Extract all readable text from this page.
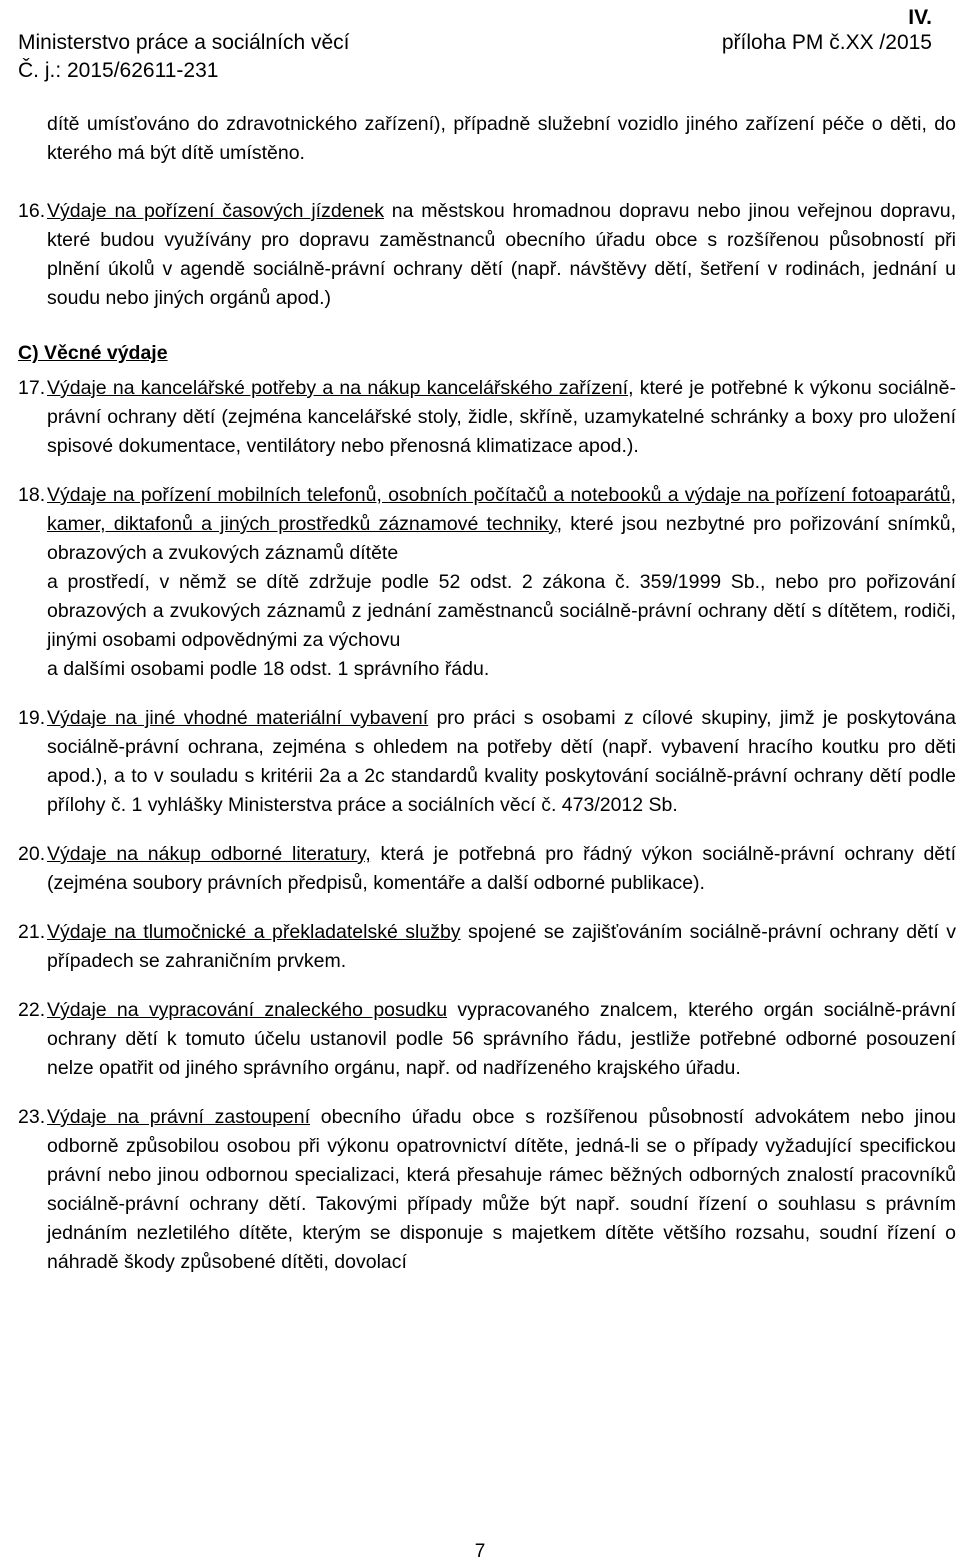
IV.
Ministerstvo práce a sociálních věcí	příloha PM č.XX /2015
Č. j.: 2015/62611-231

dítě umísťováno do zdravotnického zařízení), případně služební vozidlo jiného zařízení péče o děti, do kterého má být dítě umístěno.

16. Výdaje na pořízení časových jízdenek na městskou hromadnou dopravu nebo jinou veřejnou dopravu, které budou využívány pro dopravu zaměstnanců obecního úřadu obce s rozšířenou působností při plnění úkolů v agendě sociálně-právní ochrany dětí (např. návštěvy dětí, šetření v rodinách, jednání u soudu nebo jiných orgánů apod.)
C) Věcné výdaje
17. Výdaje na kancelářské potřeby a na nákup kancelářského zařízení, které je potřebné k výkonu sociálně-právní ochrany dětí (zejména kancelářské stoly, židle, skříně, uzamykatelné schránky a boxy pro uložení spisové dokumentace, ventilátory nebo přenosná klimatizace apod.).
18. Výdaje na pořízení mobilních telefonů, osobních počítačů a notebooků a výdaje na pořízení fotoaparátů, kamer, diktafonů a jiných prostředků záznamové techniky, které jsou nezbytné pro pořizování snímků, obrazových a zvukových záznamů dítěte
a prostředí, v němž se dítě zdržuje podle 52 odst. 2 zákona č. 359/1999 Sb., nebo pro pořizování obrazových a zvukových záznamů z jednání zaměstnanců sociálně-právní ochrany dětí s dítětem, rodiči, jinými osobami odpovědnými za výchovu
a dalšími osobami podle 18 odst. 1 správního řádu.
19. Výdaje na jiné vhodné materiální vybavení pro práci s osobami z cílové skupiny, jimž je poskytována sociálně-právní ochrana, zejména s ohledem na potřeby dětí (např. vybavení hracího koutku pro děti apod.), a to v souladu s kritérii 2a a 2c standardů kvality poskytování sociálně-právní ochrany dětí podle přílohy č. 1 vyhlášky Ministerstva práce a sociálních věcí č. 473/2012 Sb.
20. Výdaje na nákup odborné literatury, která je potřebná pro řádný výkon sociálně-právní ochrany dětí (zejména soubory právních předpisů, komentáře a další odborné publikace).
21. Výdaje na tlumočnické a překladatelské služby spojené se zajišťováním sociálně-právní ochrany dětí v případech se zahraničním prvkem.
22. Výdaje na vypracování znaleckého posudku vypracovaného znalcem, kterého orgán sociálně-právní ochrany dětí k tomuto účelu ustanovil podle 56 správního řádu, jestliže potřebné odborné posouzení nelze opatřit od jiného správního orgánu, např. od nadřízeného krajského úřadu.
23. Výdaje na právní zastoupení obecního úřadu obce s rozšířenou působností advokátem nebo jinou odborně způsobilou osobou při výkonu opatrovnictví dítěte, jedná-li se o případy vyžadující specifickou právní nebo jinou odbornou specializaci, která přesahuje rámec běžných odborných znalostí pracovníků sociálně-právní ochrany dětí. Takovými případy může být např. soudní řízení o souhlasu s právním jednáním nezletilého dítěte, kterým se disponuje s majetkem dítěte většího rozsahu, soudní řízení o náhradě škody způsobené dítěti, dovolací
7
